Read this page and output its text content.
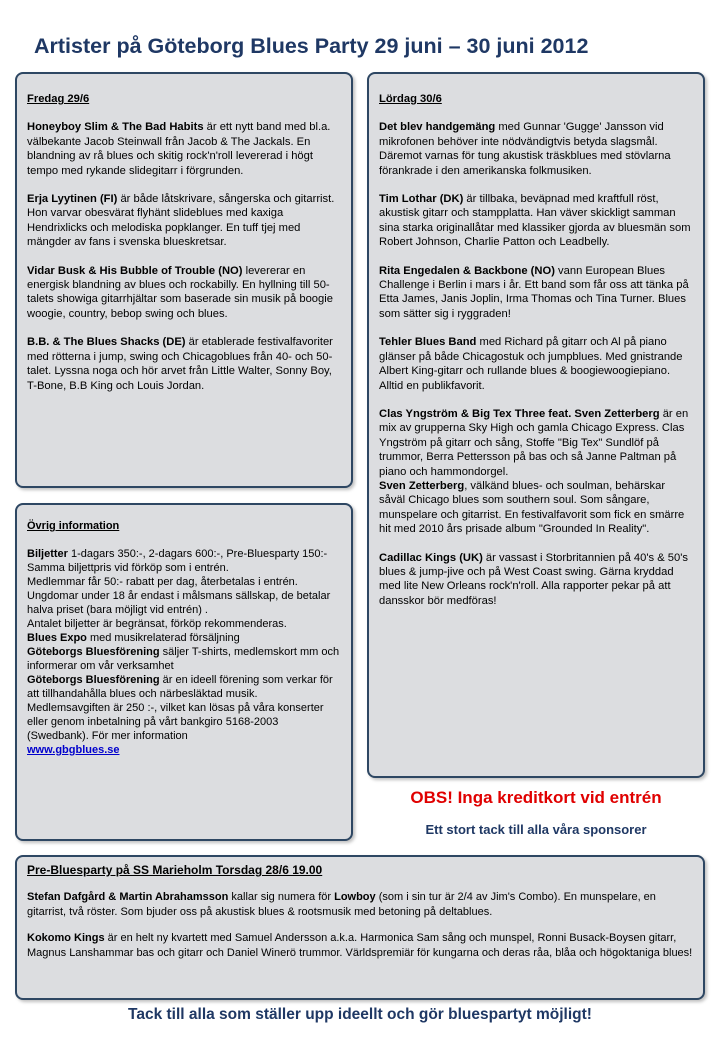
Artister på Göteborg Blues Party 29 juni – 30 juni 2012

Fredag 29/6

Honeyboy Slim & The Bad Habits är ett nytt band med bl.a. välbekante Jacob Steinwall från Jacob & The Jackals. En blandning av rå blues och skitig rock'n'roll levererad i högt tempo med rykande slidegitarr i förgrunden.

Erja Lyytinen (FI) är både låtskrivare, sångerska och gitarrist. Hon varvar obesvärat flyhänt slideblues med kaxiga Hendrixlicks och melodiska popklanger. En tuff tjej med mängder av fans i svenska blueskretsar.

Vidar Busk & His Bubble of Trouble (NO) levererar en energisk blandning av blues och rockabilly. En hyllning till 50-talets showiga gitarrhjältar som baserade sin musik på boogie woogie, country, bebop swing och blues.

B.B. & The Blues Shacks (DE) är etablerade festivalfavoriter med rötterna i jump, swing och Chicagoblues från 40- och 50-talet. Lyssna noga och hör arvet från Little Walter, Sonny Boy, T-Bone, B.B King och Louis Jordan.

Lördag 30/6

Det blev handgemäng med Gunnar 'Gugge' Jansson vid mikrofonen behöver inte nödvändigtvis betyda slagsmål. Däremot varnas för tung akustisk träskblues med stövlarna förankrade i den amerikanska folkmusiken.

Tim Lothar (DK) är tillbaka, beväpnad med kraftfull röst, akustisk gitarr och stampplatta. Han väver skickligt samman sina starka originallåtar med klassiker gjorda av bluesmän som Robert Johnson, Charlie Patton och Leadbelly.

Rita Engedalen & Backbone (NO) vann European Blues Challenge i Berlin i mars i år. Ett band som får oss att tänka på Etta James, Janis Joplin, Irma Thomas och Tina Turner. Blues som sätter sig i ryggraden!

Tehler Blues Band med Richard på gitarr och Al på piano glänser på både Chicagostuk och jumpblues. Med gnistrande Albert King-gitarr och rullande blues & boogiewoogiepiano. Alltid en publikfavorit.

Clas Yngström & Big Tex Three feat. Sven Zetterberg är en mix av grupperna Sky High och gamla Chicago Express. Clas Yngström på gitarr och sång, Stoffe "Big Tex" Sundlöf på trummor, Berra Pettersson på bas och så Janne Paltman på piano och hammondorgel.
Sven Zetterberg, välkänd blues- och soulman, behärskar såväl Chicago blues som southern soul. Som sångare, munspelare och gitarrist. En festivalfavorit som fick en smärre hit med 2010 års prisade album "Grounded In Reality".

Cadillac Kings (UK) är vassast i Storbritannien på 40's & 50's blues & jump-jive och på West Coast swing. Gärna kryddad med lite New Orleans rock'n'roll. Alla rapporter pekar på att dansskor bör medföras!

Övrig information

Biljetter 1-dagars 350:-, 2-dagars 600:-, Pre-Bluesparty 150:-
Samma biljettpris vid förköp som i entrén.
Medlemmar får 50:- rabatt per dag, återbetalas i entrén.
Ungdomar under 18 år endast i målsmans sällskap, de betalar halva priset (bara möjligt vid entrén) .
Antalet biljetter är begränsat, förköp rekommenderas.
Blues Expo med musikrelaterad försäljning
Göteborgs Bluesförening säljer T-shirts, medlemskort mm och informerar om vår verksamhet
Göteborgs Bluesförening är en ideell förening som verkar för att tillhandahålla blues och närbesläktad musik. Medlemsavgiften är 250 :-, vilket kan lösas på våra konserter eller genom inbetalning på vårt bankgiro 5168-2003 (Swedbank). För mer information
www.gbgblues.se
OBS! Inga kreditkort vid entrén
Ett stort tack till alla våra sponsorer

Pre-Bluesparty på SS Marieholm Torsdag 28/6 19.00

Stefan Dafgård & Martin Abrahamsson kallar sig numera för Lowboy (som i sin tur är 2/4 av Jim's Combo). En munspelare, en gitarrist, två röster. Som bjuder oss på akustisk blues & rootsmusik med betoning på deltablues.

Kokomo Kings är en helt ny kvartett med Samuel Andersson a.k.a. Harmonica Sam sång och munspel, Ronni Busack-Boysen gitarr, Magnus Lanshammar bas och gitarr och Daniel Winerö trummor. Världspremiär för kungarna och deras råa, blåa och högoktaniga blues!

Tack till alla som ställer upp ideellt och gör bluespartyt möjligt!
